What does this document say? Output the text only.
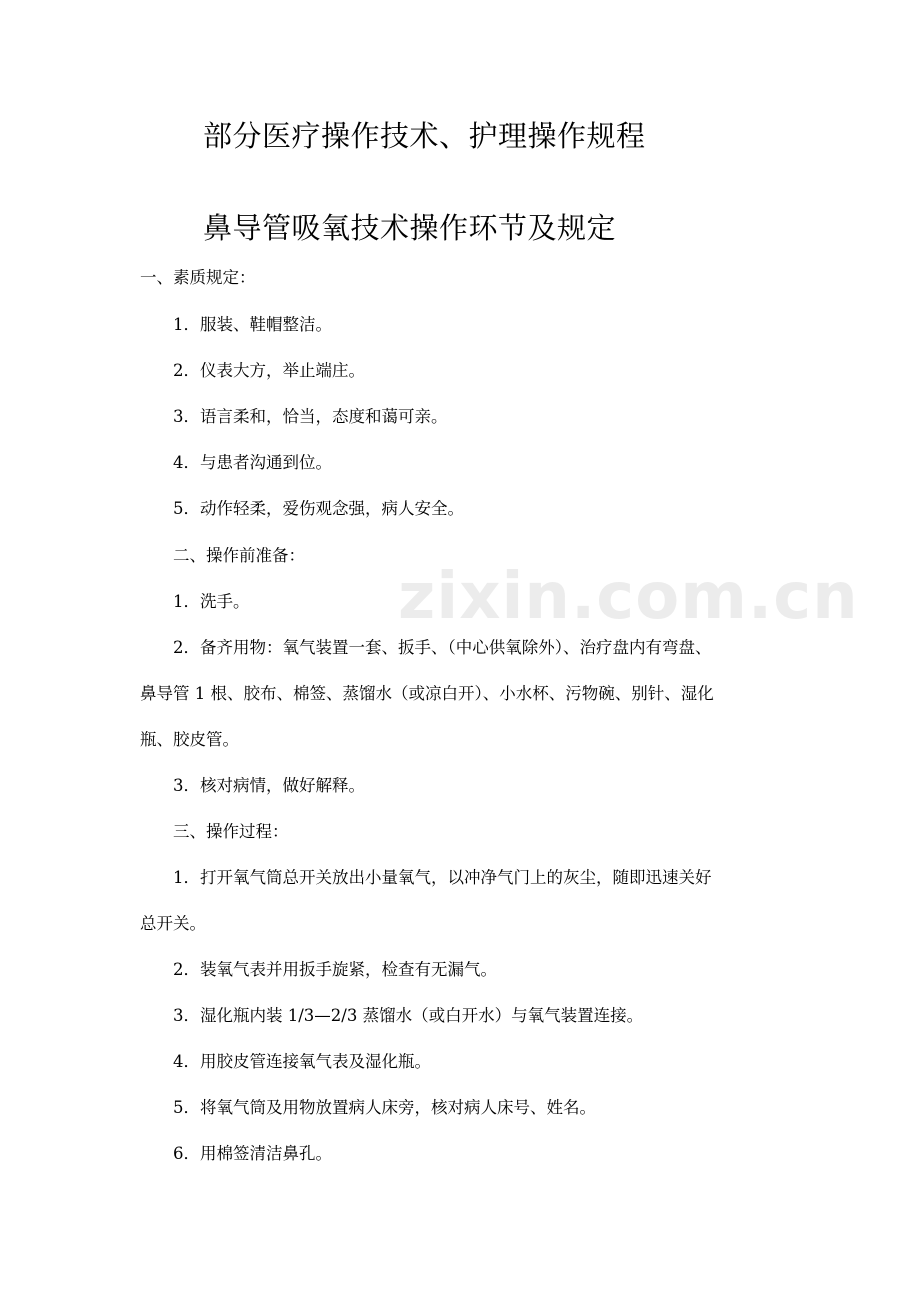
部分医疗操作技术、护理操作规程
鼻导管吸氧技术操作环节及规定
一、素质规定：
1．服装、鞋帽整洁。
2．仪表大方，举止端庄。
3．语言柔和，恰当，态度和蔼可亲。
4．与患者沟通到位。
5．动作轻柔，爱伤观念强，病人安全。
二、操作前准备：
1．洗手。
2．备齐用物：氧气装置一套、扳手、（中心供氧除外）、治疗盘内有弯盘、
鼻导管 1 根、胶布、棉签、蒸馏水（或凉白开）、小水杯、污物碗、别针、湿化
瓶、胶皮管。
3．核对病情，做好解释。
三、操作过程：
1．打开氧气筒总开关放出小量氧气，以冲净气门上的灰尘，随即迅速关好
总开关。
2．装氧气表并用扳手旋紧，检查有无漏气。
3．湿化瓶内装 1/3—2/3 蒸馏水（或白开水）与氧气装置连接。
4．用胶皮管连接氧气表及湿化瓶。
5．将氧气筒及用物放置病人床旁，核对病人床号、姓名。
6．用棉签清洁鼻孔。
zixin.com.cn
